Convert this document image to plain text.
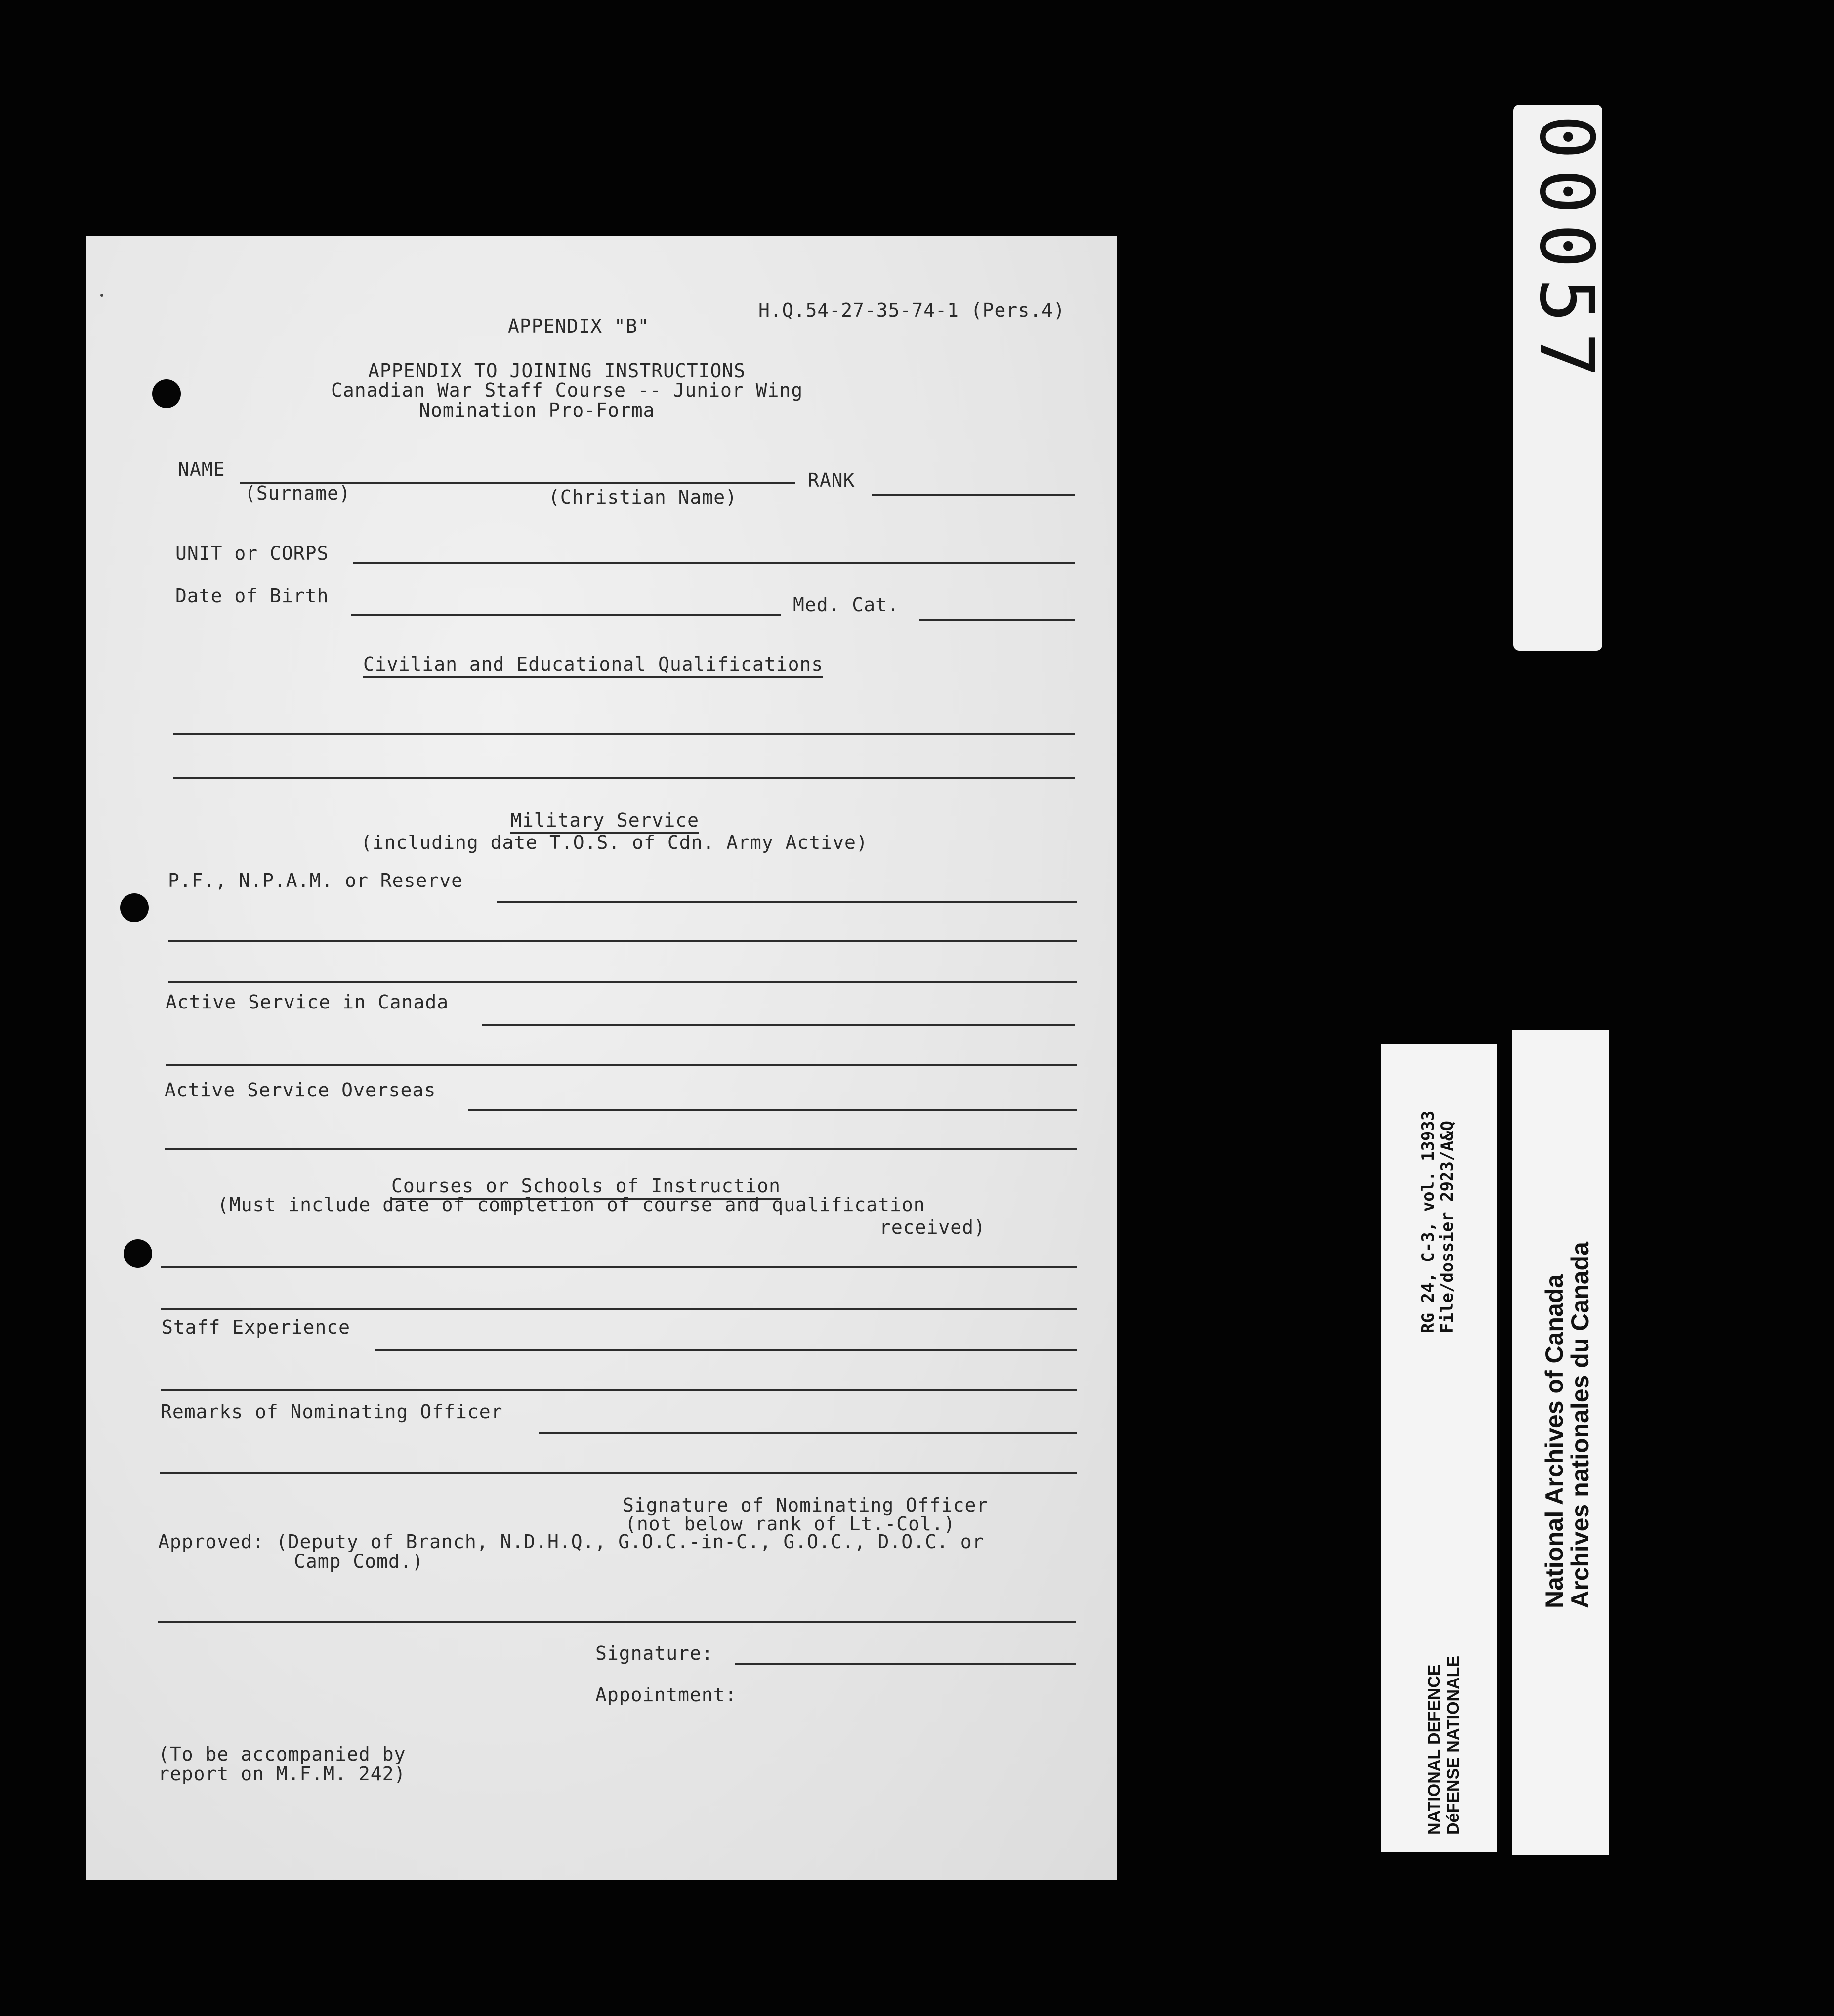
H.Q.54-27-35-74-1 (Pers.4)
APPENDIX "B"
APPENDIX TO JOINING INSTRUCTIONS
Canadian War Staff Course -- Junior Wing
Nomination Pro-Forma
NAME
(Surname)	(Christian Name)
RANK
UNIT or CORPS
Date of Birth	Med. Cat.
Civilian and Educational Qualifications
Military Service
(including date T.O.S. of Cdn. Army Active)
P.F., N.P.A.M. or Reserve
Active Service in Canada
Active Service Overseas
Courses or Schools of Instruction
(Must include date of completion of course and qualification
received)
Staff Experience
Remarks of Nominating Officer
Signature of Nominating Officer
(not below rank of Lt.-Col.)
Approved: (Deputy of Branch, N.D.H.Q., G.O.C.-in-C., G.O.C., D.O.C. or
Camp Comd.)
Signature:
Appointment:
(To be accompanied by
report on M.F.M. 242)
00057
NATIONAL DEFENCE DéFENSE NATIONALE
RG 24, C-3, vol. 13933
File/dossier 2923/A&Q
National Archives of Canada
Archives nationales du Canada
